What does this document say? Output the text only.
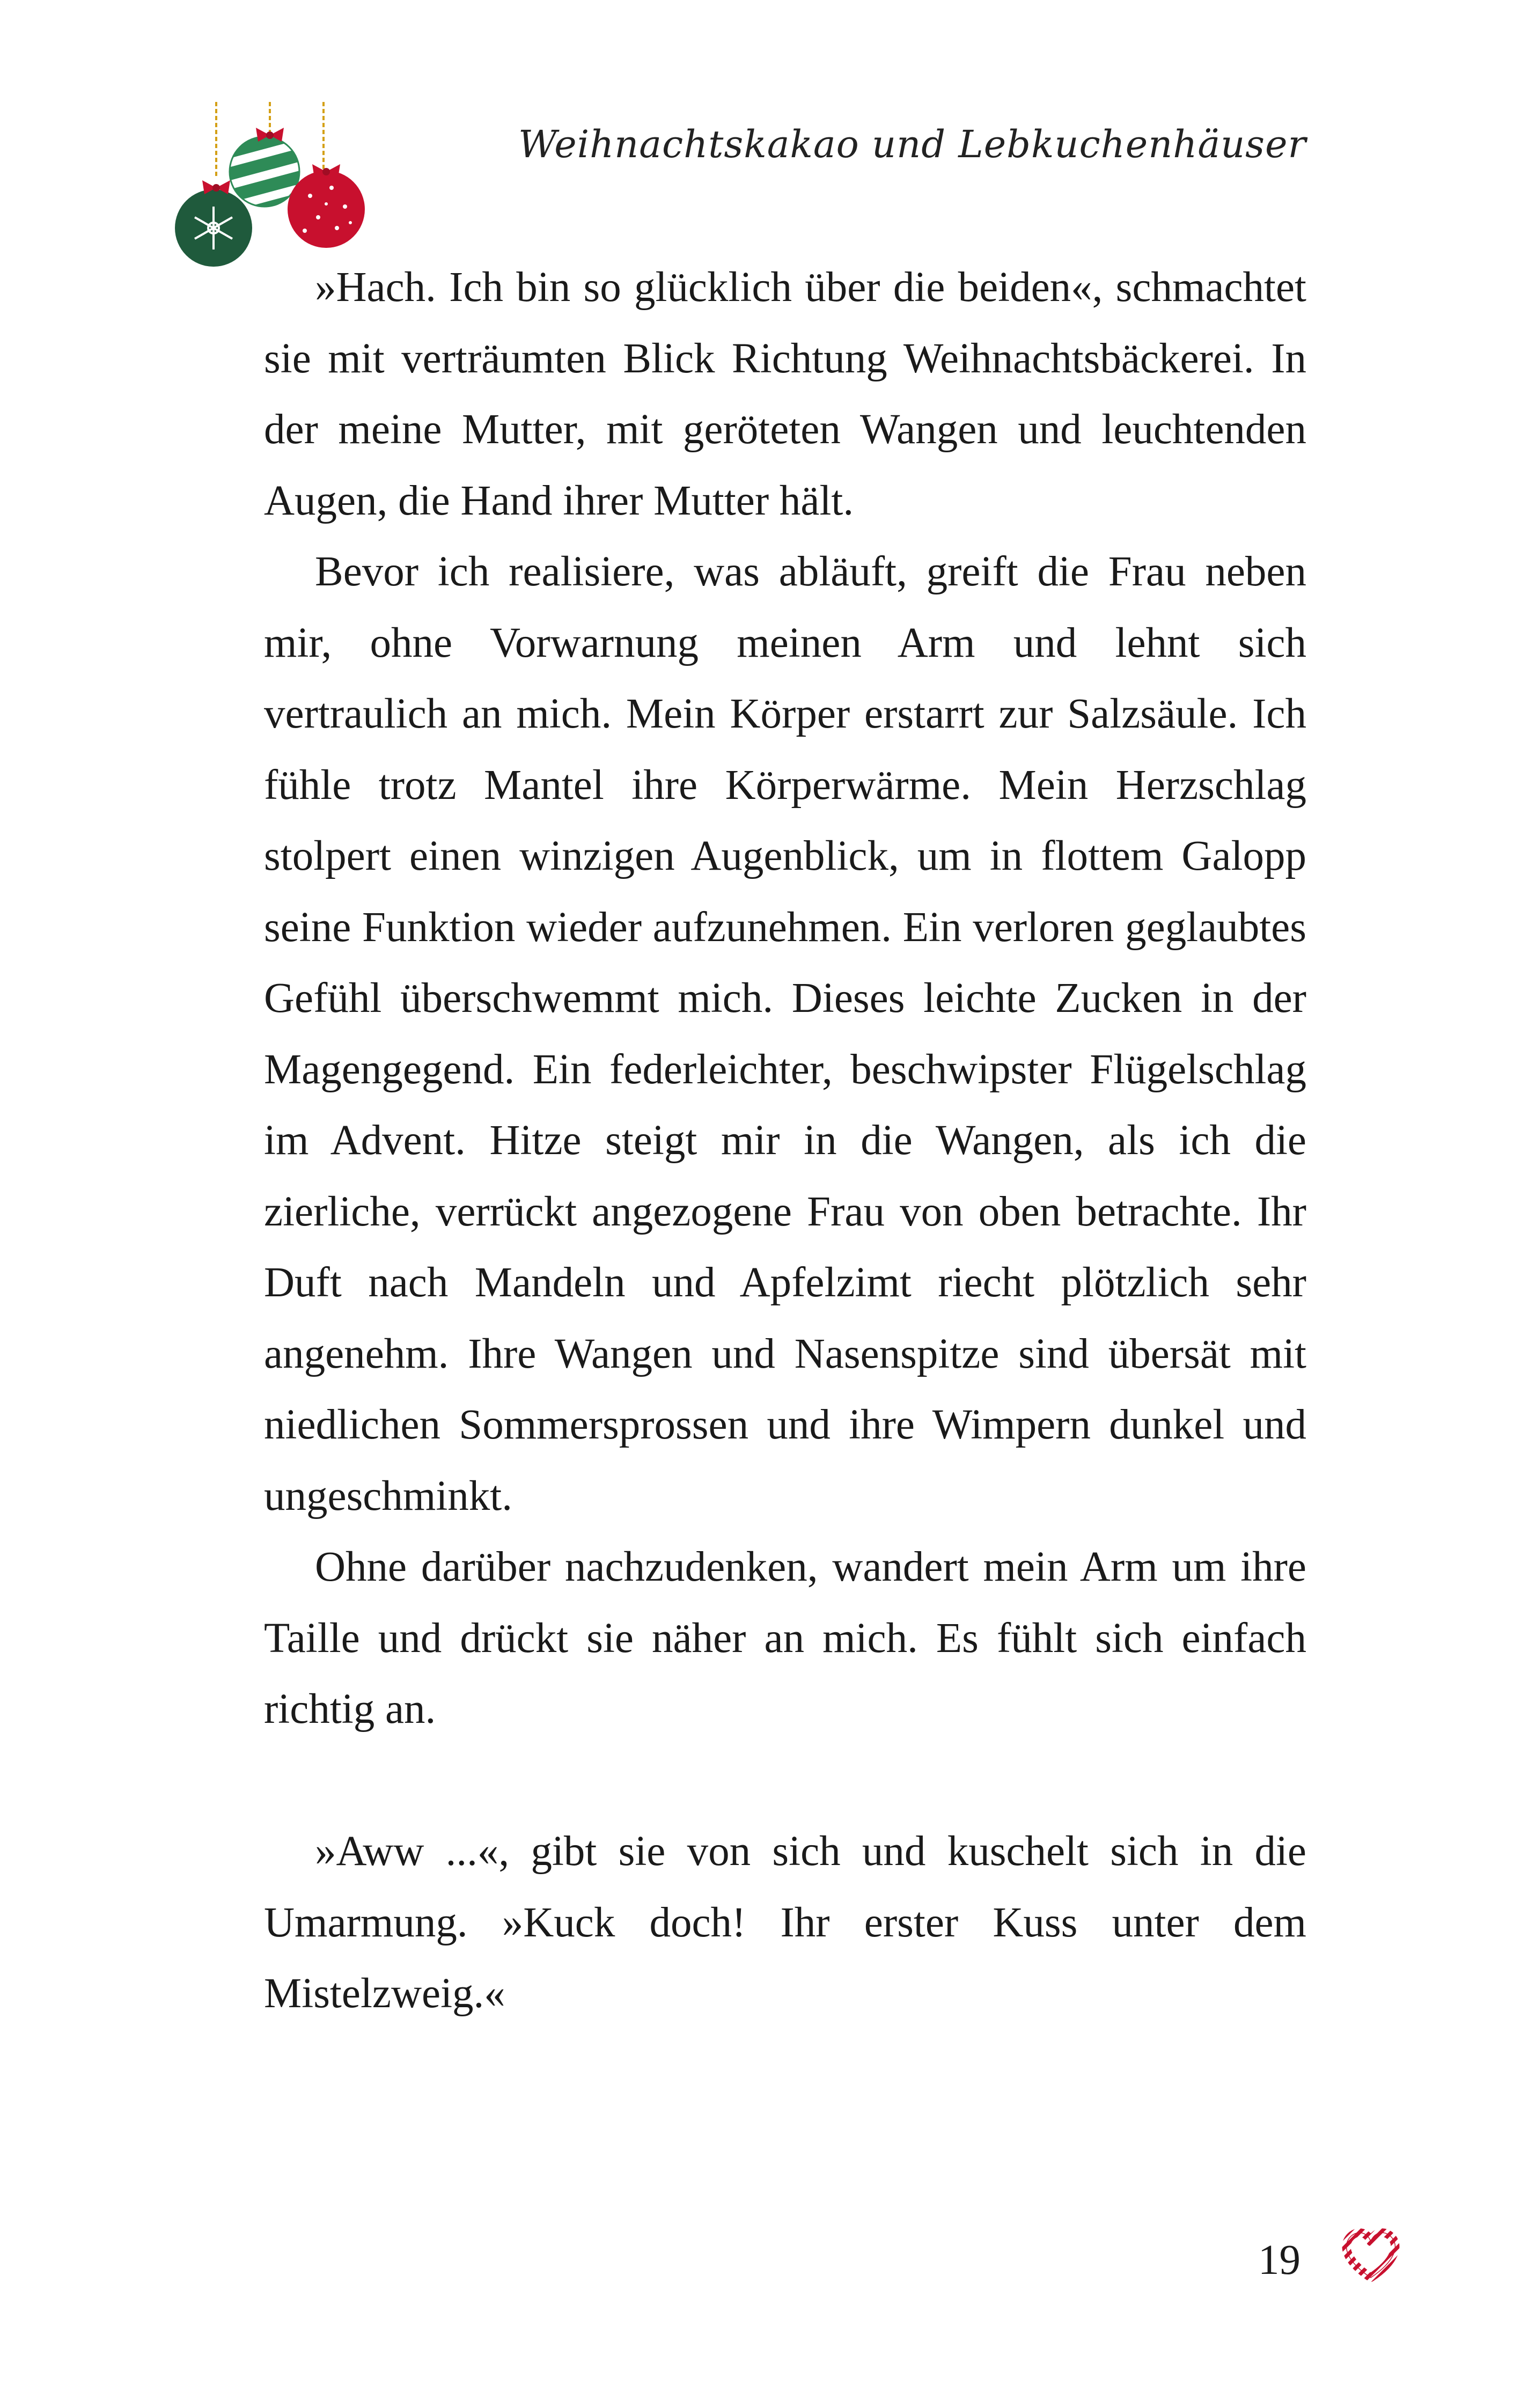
Weihnachtskakao und Lebkuchenhäuser

»Hach. Ich bin so glücklich über die beiden«, schmachtet sie mit verträumten Blick Richtung Weihnachtsbäckerei. In der meine Mutter, mit geröteten Wangen und leuchtenden Augen, die Hand ihrer Mutter hält.

Bevor ich realisiere, was abläuft, greift die Frau neben mir, ohne Vorwarnung meinen Arm und lehnt sich vertraulich an mich. Mein Körper erstarrt zur Salzsäule. Ich fühle trotz Mantel ihre Körperwärme. Mein Herzschlag stolpert einen winzigen Augenblick, um in flottem Galopp seine Funktion wieder aufzunehmen. Ein verloren geglaubtes Gefühl überschwemmt mich. Dieses leichte Zucken in der Magengegend. Ein federleichter, beschwipster Flügelschlag im Advent. Hitze steigt mir in die Wangen, als ich die zierliche, verrückt angezogene Frau von oben betrachte. Ihr Duft nach Mandeln und Apfelzimt riecht plötzlich sehr angenehm. Ihre Wangen und Nasenspitze sind übersät mit niedlichen Sommersprossen und ihre Wimpern dunkel und ungeschminkt.

Ohne darüber nachzudenken, wandert mein Arm um ihre Taille und drückt sie näher an mich. Es fühlt sich einfach richtig an.

»Aww ...«, gibt sie von sich und kuschelt sich in die Umarmung. »Kuck doch! Ihr erster Kuss unter dem Mistelzweig.«

19
